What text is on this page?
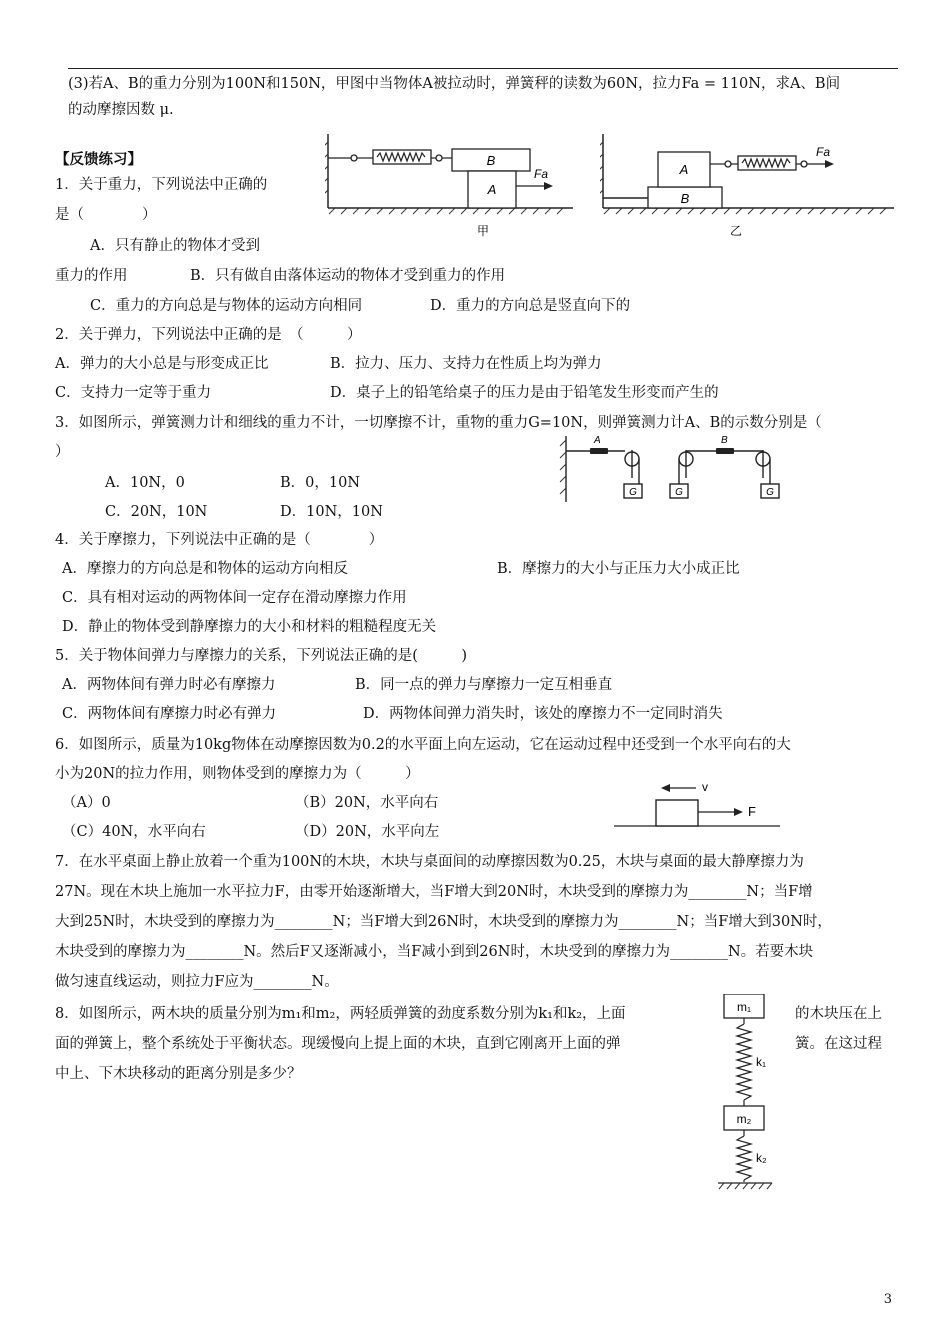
(3)若A、B的重力分别为100N和150N，甲图中当物体A被拉动时，弹簧秤的读数为60N，拉力Fa = 110N，求A、B间
的动摩擦因数 μ.
【反馈练习】	B
A
Fa
甲
A
B
Fa
乙
1．关于重力，下列说法中正确的
是（　　　　）
A．只有静止的物体才受到
重力的作用	B．只有做自由落体运动的物体才受到重力的作用
C．重力的方向总是与物体的运动方向相同	D．重力的方向总是竖直向下的
2．关于弹力，下列说法中正确的是　（　　　）
A．弹力的大小总是与形变成正比	B．拉力、压力、支持力在性质上均为弹力
C．支持力一定等于重力	D．桌子上的铅笔给桌子的压力是由于铅笔发生形变而产生的
3．如图所示，弹簧测力计和细线的重力不计，一切摩擦不计，重物的重力G=10N，则弹簧测力计A、B的示数分别是（
）
A．10N，0	B．0，10N
C．20N，10N	D．10N，10N
A	B
G	G	G
4．关于摩擦力，下列说法中正确的是（　　　　）
A．摩擦力的方向总是和物体的运动方向相反	B．摩擦力的大小与正压力大小成正比
C．具有相对运动的两物体间一定存在滑动摩擦力作用
D．静止的物体受到静摩擦力的大小和材料的粗糙程度无关
5．关于物体间弹力与摩擦力的关系，下列说法正确的是(　　　)
A．两物体间有弹力时必有摩擦力	B．同一点的弹力与摩擦力一定互相垂直
C．两物体间有摩擦力时必有弹力	D．两物体间弹力消失时，该处的摩擦力不一定同时消失
6．如图所示，质量为10kg物体在动摩擦因数为0.2的水平面上向左运动，它在运动过程中还受到一个水平向右的大
小为20N的拉力作用，则物体受到的摩擦力为（　　　）
（A）0	（B）20N，水平向右
（C）40N，水平向右	（D）20N，水平向左
v
F
7．在水平桌面上静止放着一个重为100N的木块，木块与桌面间的动摩擦因数为0.25，木块与桌面的最大静摩擦力为
27N。现在木块上施加一水平拉力F，由零开始逐渐增大，当F增大到20N时，木块受到的摩擦力为________N；当F增
大到25N时，木块受到的摩擦力为________N；当F增大到26N时，木块受到的摩擦力为________N；当F增大到30N时，
木块受到的摩擦力为________N。然后F又逐渐减小，当F减小到到26N时，木块受到的摩擦力为________N。若要木块
做匀速直线运动，则拉力F应为________N。
8．如图所示，两木块的质量分别为m₁和m₂，两轻质弹簧的劲度系数分别为k₁和k₂，上面	的木块压在上
面的弹簧上，整个系统处于平衡状态。现缓慢向上提上面的木块，直到它刚离开上面的弹	簧。在这过程
中上、下木块移动的距离分别是多少？
m₁
k₁
m₂
k₂
3
